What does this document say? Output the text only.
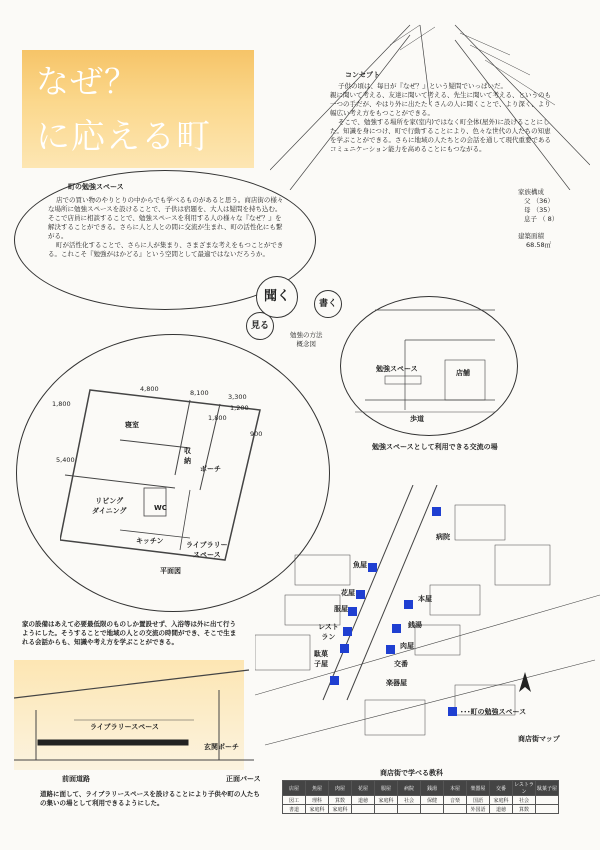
なぜ？
に応える町
コンセプト
子供の頃は、毎日が『なぜ？』という疑問でいっぱいだ。
親に聞いて考える、友達に聞いて考える、先生に聞いて考える、というのも一つの手だが、やはり外に出たたくさんの人に聞くことで、より深く、より幅広い考え方をもつことができる。
そこで、勉強する場所を家(室内)ではなく町全体(屋外)に設けることにした。知識を身につけ、町で行動することにより、色々な世代の人たちの知恵を学ぶことができる。さらに地域の人たちとの会話を通して現代重要であるコミュニケーション能力を高めることにもつながる。
家族構成
父 （36）
母 （35）
息子 （ 8）
建築面積
68.58㎡
町の勉強スペース
店での買い物のやりとりの中からでも学べるものがあると思う。商店街の様々な場所に勉強スペースを設けることで、子供は宿題を、大人は疑問を持ち込む。そこで店員に相談することで、勉強スペースを利用する人の様々な『なぜ？』を解決することができる。さらに人と人との間に交流が生まれ、町の活性化にも繋がる。
町が活性化することで、さらに人が集まり、さまざまな考えをもつことができる。これこそ『勉強がはかどる』という空間として最適ではないだろうか。
見る
聞く	書く
勉強の方法
概念図
勉強スペース	店舗
歩道
勉強スペースとして利用できる交流の場
4,800	8,100	3,300
1,200
1,800
5,400
1,800
900
寝室
収納
ポーチ
リビング
ダイニング	WC
キッチン	ライブラリー
スペース
平面図
家の設備はあえて必要最低限のものしか置設せず、入浴等は外に出て行うようにした。そうすることで地域の人との交流の時間ができ、そこで生まれる会話からも、知識や考え方を学ぶことができる。
ライブラリースペース
玄関ポーチ
前面道路	正面パース
道路に面して、ライブラリースペースを設けることにより子供や町の人たちの集いの場として利用できるようにした。
魚屋
花屋
服屋
レスト
ラン
駄菓
子屋
病院
本屋
銭湯
肉屋
交番
楽器屋
･･･町の勉強スペース
商店街マップ
商店街で学べる教科
店屋	魚屋	肉屋	花屋	服屋	病院	銭湯	本屋	楽器屋	交番	レストラン	駄菓子屋
図工	理科	算数	道徳	家庭科	社会	保健	音楽	国語	家庭科	社会	
書道	家庭科	家庭科						外国語	道徳	算数	
